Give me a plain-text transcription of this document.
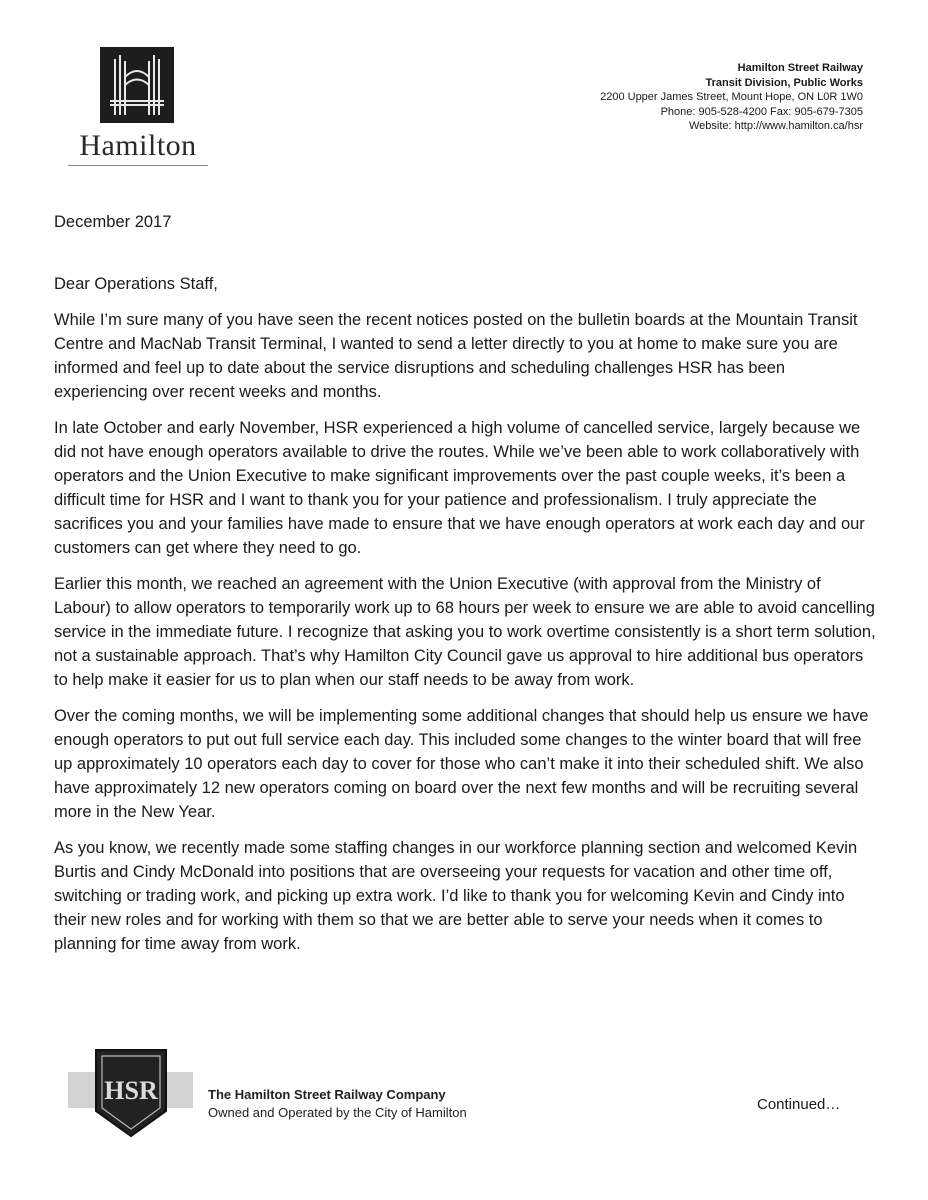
Hamilton
Hamilton Street Railway
Transit Division, Public Works
2200 Upper James Street, Mount Hope, ON L0R 1W0
Phone: 905-528-4200 Fax: 905-679-7305
Website: http://www.hamilton.ca/hsr
December 2017
Dear Operations Staff,

While I’m sure many of you have seen the recent notices posted on the bulletin boards at the Mountain Transit Centre and MacNab Transit Terminal, I wanted to send a letter directly to you at home to make sure you are informed and feel up to date about the service disruptions and scheduling challenges HSR has been experiencing over recent weeks and months.

In late October and early November, HSR experienced a high volume of cancelled service, largely because we did not have enough operators available to drive the routes. While we’ve been able to work collaboratively with operators and the Union Executive to make significant improvements over the past couple weeks, it’s been a difficult time for HSR and I want to thank you for your patience and professionalism. I truly appreciate the sacrifices you and your families have made to ensure that we have enough operators at work each day and our customers can get where they need to go.

Earlier this month, we reached an agreement with the Union Executive (with approval from the Ministry of Labour) to allow operators to temporarily work up to 68 hours per week to ensure we are able to avoid cancelling service in the immediate future. I recognize that asking you to work overtime consistently is a short term solution, not a sustainable approach. That’s why Hamilton City Council gave us approval to hire additional bus operators to help make it easier for us to plan when our staff needs to be away from work.

Over the coming months, we will be implementing some additional changes that should help us ensure we have enough operators to put out full service each day. This included some changes to the winter board that will free up approximately 10 operators each day to cover for those who can’t make it into their scheduled shift. We also have approximately 12 new operators coming on board over the next few months and will be recruiting several more in the New Year.

As you know, we recently made some staffing changes in our workforce planning section and welcomed Kevin Burtis and Cindy McDonald into positions that are overseeing your requests for vacation and other time off, switching or trading work, and picking up extra work. I’d like to thank you for welcoming Kevin and Cindy into their new roles and for working with them so that we are better able to serve your needs when it comes to planning for time away from work.

HSR	The Hamilton Street Railway Company
Owned and Operated by the City of Hamilton	Continued…
